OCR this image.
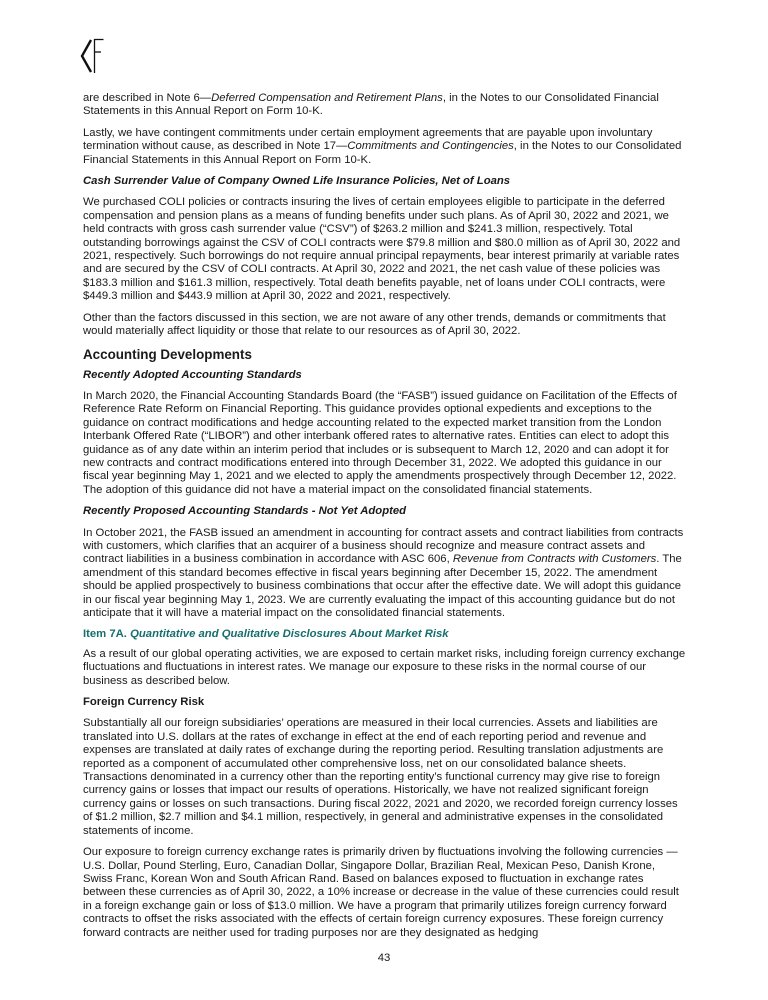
are described in Note 6—Deferred Compensation and Retirement Plans, in the Notes to our Consolidated Financial Statements in this Annual Report on Form 10-K.

Lastly, we have contingent commitments under certain employment agreements that are payable upon involuntary termination without cause, as described in Note 17—Commitments and Contingencies, in the Notes to our Consolidated Financial Statements in this Annual Report on Form 10-K.

Cash Surrender Value of Company Owned Life Insurance Policies, Net of Loans

We purchased COLI policies or contracts insuring the lives of certain employees eligible to participate in the deferred compensation and pension plans as a means of funding benefits under such plans. As of April 30, 2022 and 2021, we held contracts with gross cash surrender value (“CSV”) of $263.2 million and $241.3 million, respectively. Total outstanding borrowings against the CSV of COLI contracts were $79.8 million and $80.0 million as of April 30, 2022 and 2021, respectively. Such borrowings do not require annual principal repayments, bear interest primarily at variable rates and are secured by the CSV of COLI contracts. At April 30, 2022 and 2021, the net cash value of these policies was $183.3 million and $161.3 million, respectively. Total death benefits payable, net of loans under COLI contracts, were $449.3 million and $443.9 million at April 30, 2022 and 2021, respectively.

Other than the factors discussed in this section, we are not aware of any other trends, demands or commitments that would materially affect liquidity or those that relate to our resources as of April 30, 2022.

Accounting Developments
Recently Adopted Accounting Standards

In March 2020, the Financial Accounting Standards Board (the “FASB”) issued guidance on Facilitation of the Effects of Reference Rate Reform on Financial Reporting. This guidance provides optional expedients and exceptions to the guidance on contract modifications and hedge accounting related to the expected market transition from the London Interbank Offered Rate (“LIBOR”) and other interbank offered rates to alternative rates. Entities can elect to adopt this guidance as of any date within an interim period that includes or is subsequent to March 12, 2020 and can adopt it for new contracts and contract modifications entered into through December 31, 2022. We adopted this guidance in our fiscal year beginning May 1, 2021 and we elected to apply the amendments prospectively through December 12, 2022. The adoption of this guidance did not have a material impact on the consolidated financial statements.

Recently Proposed Accounting Standards - Not Yet Adopted

In October 2021, the FASB issued an amendment in accounting for contract assets and contract liabilities from contracts with customers, which clarifies that an acquirer of a business should recognize and measure contract assets and contract liabilities in a business combination in accordance with ASC 606, Revenue from Contracts with Customers. The amendment of this standard becomes effective in fiscal years beginning after December 15, 2022. The amendment should be applied prospectively to business combinations that occur after the effective date. We will adopt this guidance in our fiscal year beginning May 1, 2023. We are currently evaluating the impact of this accounting guidance but do not anticipate that it will have a material impact on the consolidated financial statements.

Item 7A. Quantitative and Qualitative Disclosures About Market Risk

As a result of our global operating activities, we are exposed to certain market risks, including foreign currency exchange fluctuations and fluctuations in interest rates. We manage our exposure to these risks in the normal course of our business as described below.

Foreign Currency Risk

Substantially all our foreign subsidiaries’ operations are measured in their local currencies. Assets and liabilities are translated into U.S. dollars at the rates of exchange in effect at the end of each reporting period and revenue and expenses are translated at daily rates of exchange during the reporting period. Resulting translation adjustments are reported as a component of accumulated other comprehensive loss, net on our consolidated balance sheets. Transactions denominated in a currency other than the reporting entity’s functional currency may give rise to foreign currency gains or losses that impact our results of operations. Historically, we have not realized significant foreign currency gains or losses on such transactions. During fiscal 2022, 2021 and 2020, we recorded foreign currency losses of $1.2 million, $2.7 million and $4.1 million, respectively, in general and administrative expenses in the consolidated statements of income.

Our exposure to foreign currency exchange rates is primarily driven by fluctuations involving the following currencies — U.S. Dollar, Pound Sterling, Euro, Canadian Dollar, Singapore Dollar, Brazilian Real, Mexican Peso, Danish Krone, Swiss Franc, Korean Won and South African Rand. Based on balances exposed to fluctuation in exchange rates between these currencies as of April 30, 2022, a 10% increase or decrease in the value of these currencies could result in a foreign exchange gain or loss of $13.0 million. We have a program that primarily utilizes foreign currency forward contracts to offset the risks associated with the effects of certain foreign currency exposures. These foreign currency forward contracts are neither used for trading purposes nor are they designated as hedging

43
